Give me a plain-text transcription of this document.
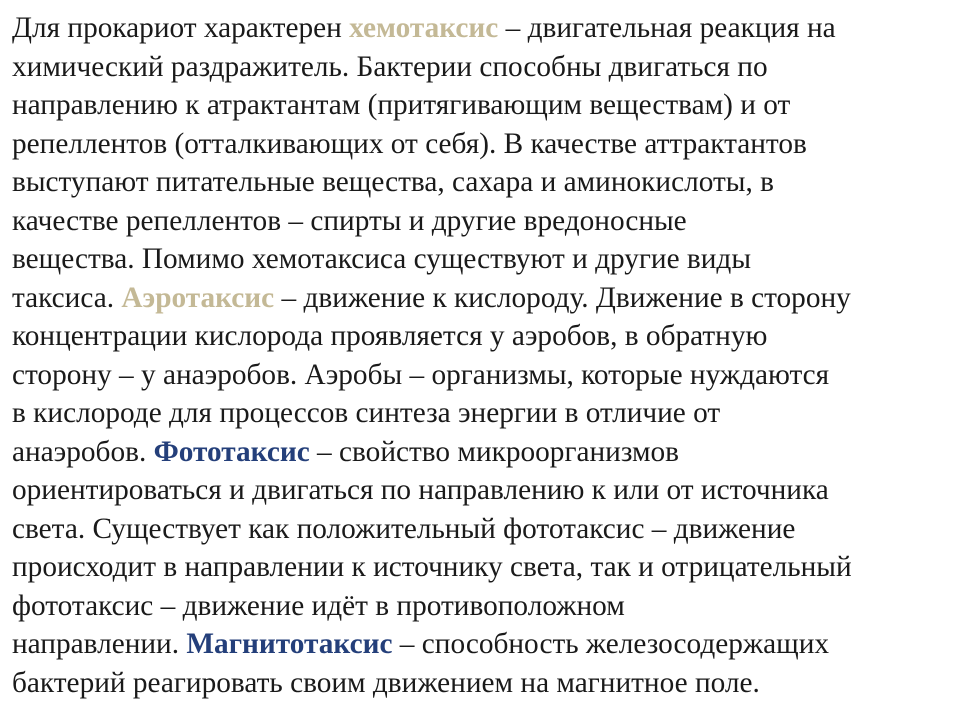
Для прокариот характерен хемотаксис – двигательная реакция на
химический раздражитель. Бактерии способны двигаться по
направлению к атрактантам (притягивающим веществам) и от
репеллентов (отталкивающих от себя). В качестве аттрактантов
выступают питательные вещества, сахара и аминокислоты, в
качестве репеллентов – спирты и другие вредоносные
вещества. Помимо хемотаксиса существуют и другие виды
таксиса. Аэротаксис – движение к кислороду. Движение в сторону
концентрации кислорода проявляется у аэробов, в обратную
сторону – у анаэробов. Аэробы – организмы, которые нуждаются
в кислороде для процессов синтеза энергии в отличие от
анаэробов. Фототаксис – свойство микроорганизмов
ориентироваться и двигаться по направлению к или от источника
света. Существует как положительный фототаксис – движение
происходит в направлении к источнику света, так и отрицательный
фототаксис – движение идёт в противоположном
направлении. Магнитотаксис – способность железосодержащих
бактерий реагировать своим движением на магнитное поле.
